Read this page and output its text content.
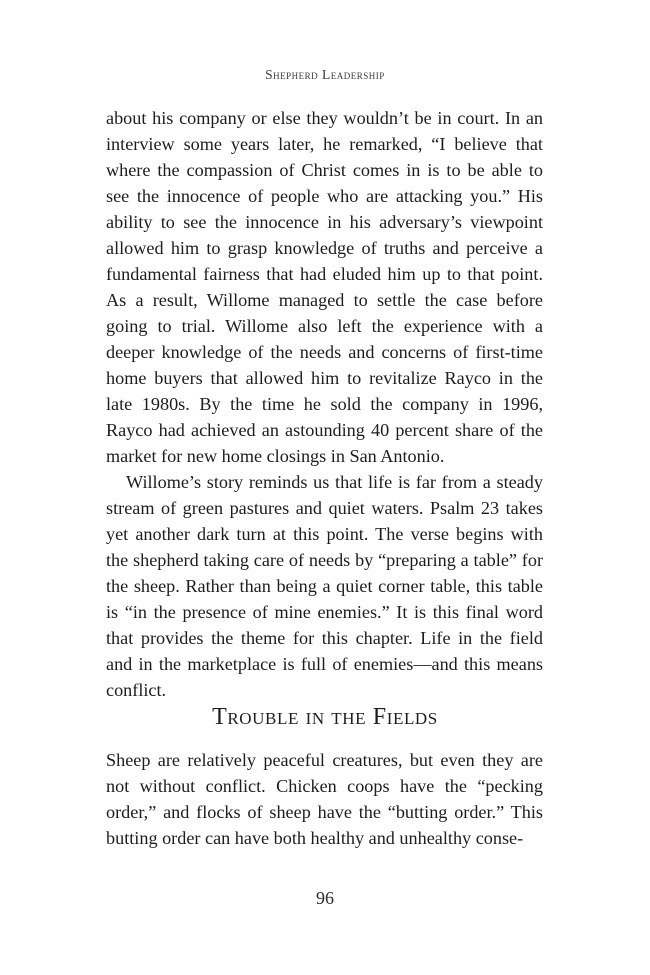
Shepherd Leadership

about his company or else they wouldn’t be in court. In an interview some years later, he remarked, “I believe that where the compassion of Christ comes in is to be able to see the innocence of people who are attacking you.” His ability to see the innocence in his adversary’s viewpoint allowed him to grasp knowledge of truths and perceive a fundamental fairness that had eluded him up to that point. As a result, Willome managed to settle the case before going to trial. Willome also left the experience with a deeper knowledge of the needs and concerns of first-time home buyers that allowed him to revitalize Rayco in the late 1980s. By the time he sold the company in 1996, Rayco had achieved an astounding 40 percent share of the market for new home closings in San Antonio.

Willome’s story reminds us that life is far from a steady stream of green pastures and quiet waters. Psalm 23 takes yet another dark turn at this point. The verse begins with the shepherd taking care of needs by “preparing a table” for the sheep. Rather than being a quiet corner table, this table is “in the presence of mine enemies.” It is this final word that provides the theme for this chapter. Life in the field and in the marketplace is full of enemies—and this means conflict.

Trouble in the Fields

Sheep are relatively peaceful creatures, but even they are not without conflict. Chicken coops have the “pecking order,” and flocks of sheep have the “butting order.” This butting order can have both healthy and unhealthy conse-

96
